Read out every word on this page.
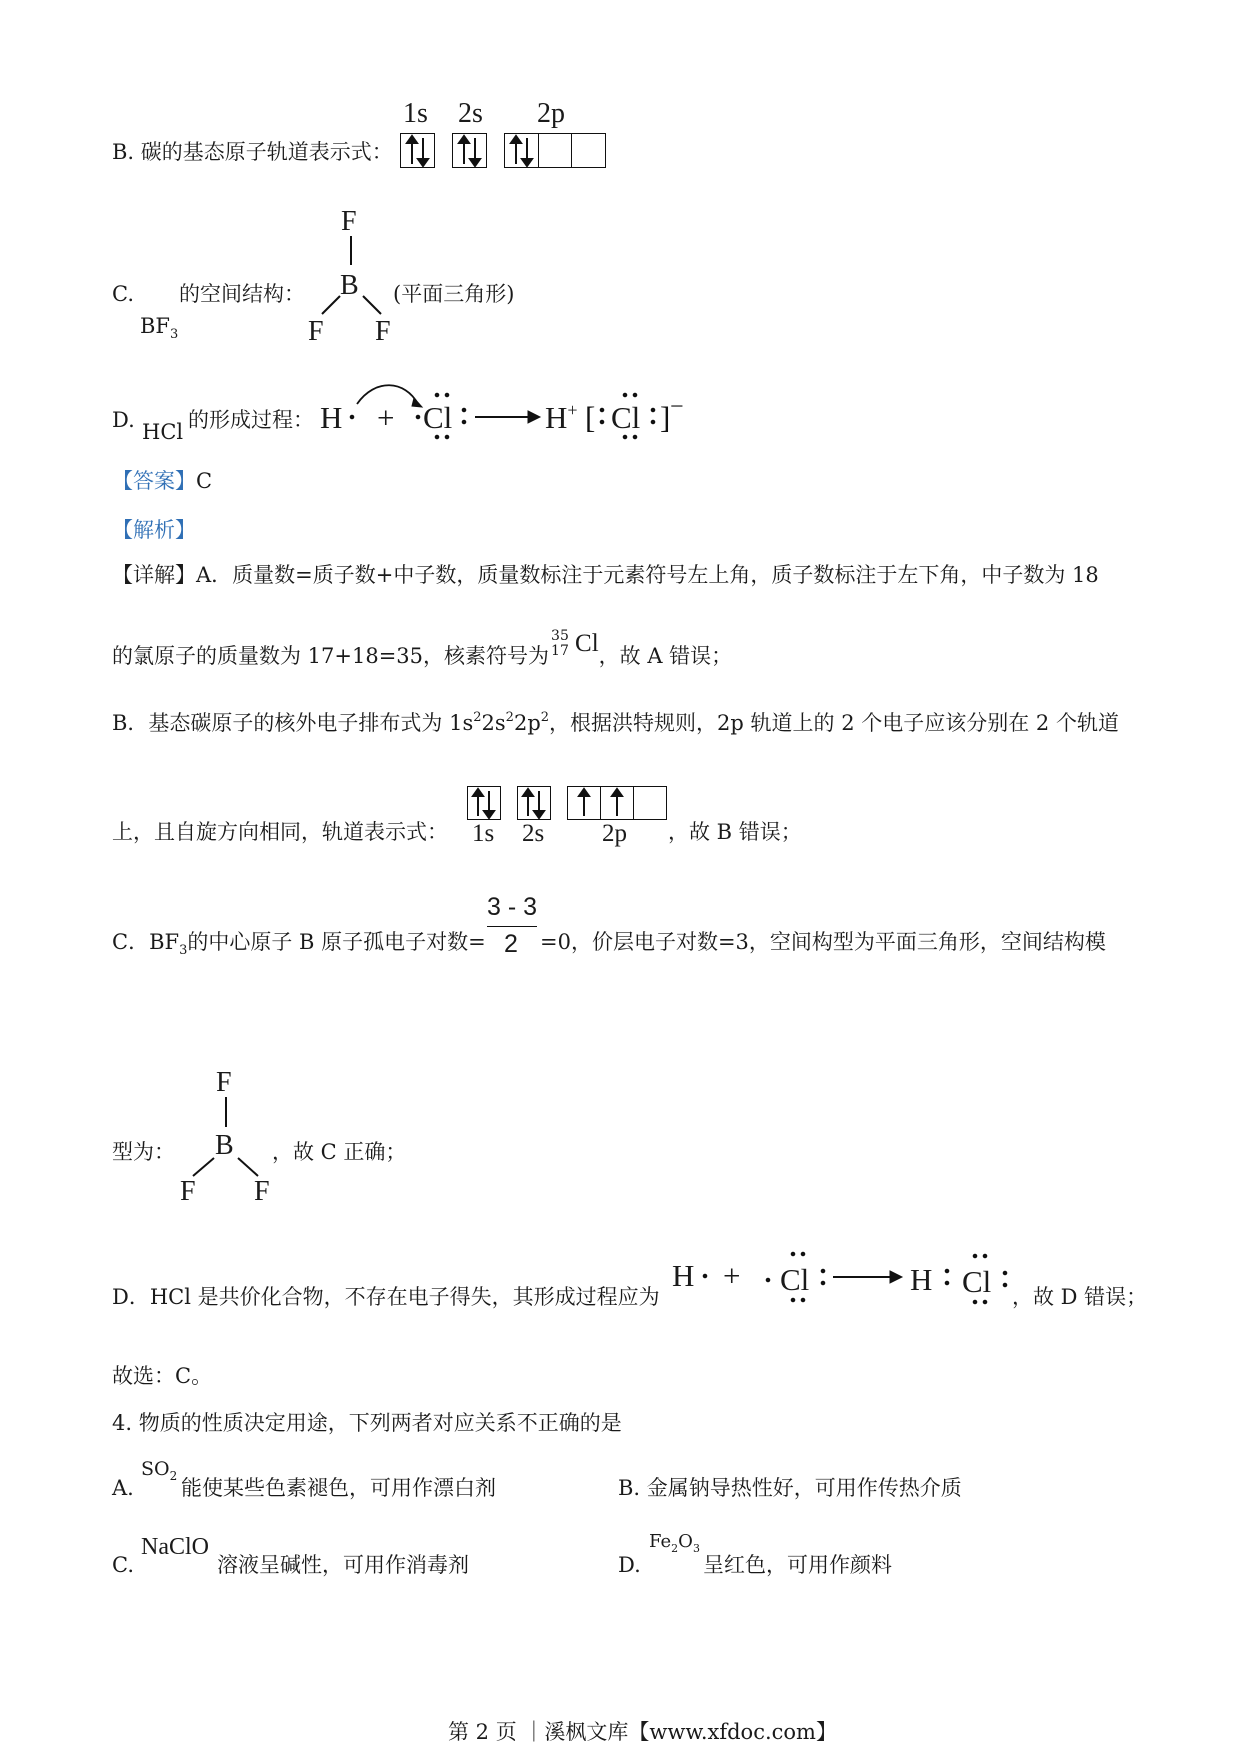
B. 碳的基态原子轨道表示式：
1s 2s 2p
C. 的空间结构：
$BF_3$
F
B
F F
(平面三角形)
D. HCl 的形成过程： H + Cl	H+ Cl −
[ ]
【答案】C
【解析】
【详解】A．质量数=质子数+中子数，质量数标注于元素符号左上角，质子数标注于左下角，中子数为 18
的氯原子的质量数为 17+18=35，核素符号为
35
17 Cl，故 A 错误；
B．基态碳原子的核外电子排布式为 $1s^22s^22p^2$，根据洪特规则，2p 轨道上的 2 个电子应该分别在 2 个轨道
上，且自旋方向相同，轨道表示式： 1s 2s 2p ，故 B 错误；
C．$BF_3$的中心原子 B 原子孤电子对数=
3 - 3
2 =0，价层电子对数=3，空间构型为平面三角形，空间结构模
型为：
F
B
F F
，故 C 正确；
D．HCl 是共价化合物，不存在电子得失，其形成过程应为
H + Cl	H Cl ，故 D 错误；
故选：C。
4. 物质的性质决定用途，下列两者对应关系不正确的是
A.
$SO_2$ 能使某些色素褪色，可用作漂白剂	B. 金属钠导热性好，可用作传热介质
C.
NaClO
溶液呈碱性，可用作消毒剂	D.
$Fe_2O_3$
呈红色，可用作颜料
第 2 页 ｜溪枫文库【www.xfdoc.com】
